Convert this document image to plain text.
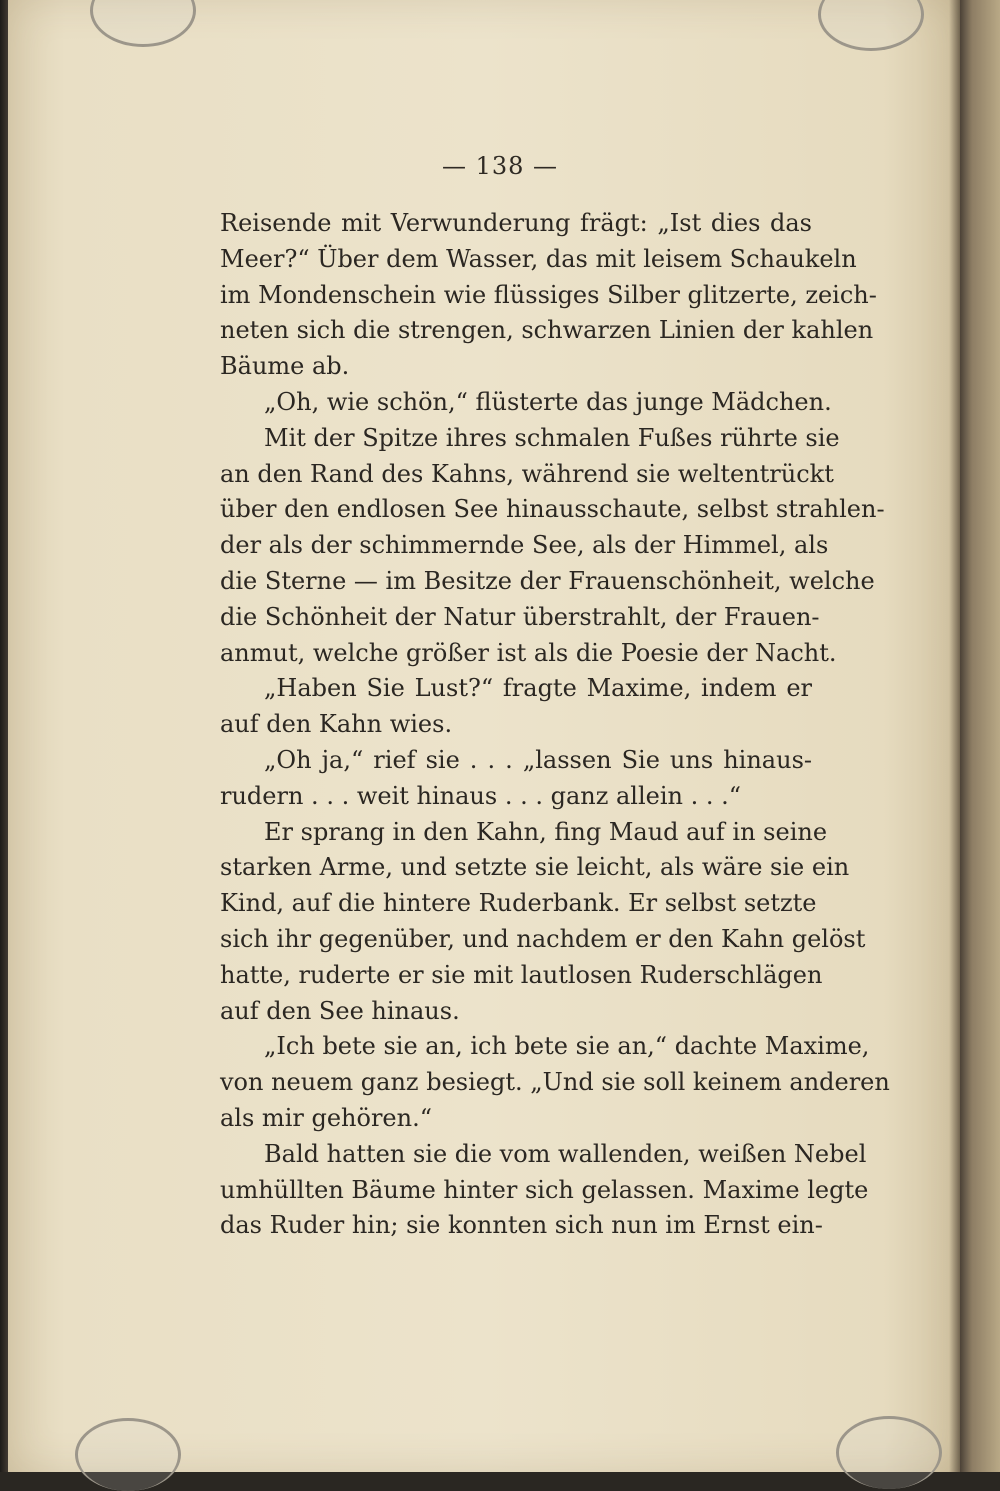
— 138 —
Reisende mit Verwunderung frägt: „Ist dies das
Meer?“ Über dem Wasser, das mit leisem Schaukeln
im Mondenschein wie flüssiges Silber glitzerte, zeich-
neten sich die strengen, schwarzen Linien der kahlen
Bäume ab.
„Oh, wie schön,“ flüsterte das junge Mädchen.
Mit der Spitze ihres schmalen Fußes rührte sie
an den Rand des Kahns, während sie weltentrückt
über den endlosen See hinausschaute, selbst strahlen-
der als der schimmernde See, als der Himmel, als
die Sterne — im Besitze der Frauenschönheit, welche
die Schönheit der Natur überstrahlt, der Frauen-
anmut, welche größer ist als die Poesie der Nacht.
„Haben Sie Lust?“ fragte Maxime, indem er
auf den Kahn wies.
„Oh ja,“ rief sie . . . „lassen Sie uns hinaus-
rudern . . . weit hinaus . . . ganz allein . . .“
Er sprang in den Kahn, fing Maud auf in seine
starken Arme, und setzte sie leicht, als wäre sie ein
Kind, auf die hintere Ruderbank. Er selbst setzte
sich ihr gegenüber, und nachdem er den Kahn gelöst
hatte, ruderte er sie mit lautlosen Ruderschlägen
auf den See hinaus.
„Ich bete sie an, ich bete sie an,“ dachte Maxime,
von neuem ganz besiegt. „Und sie soll keinem anderen
als mir gehören.“
Bald hatten sie die vom wallenden, weißen Nebel
umhüllten Bäume hinter sich gelassen. Maxime legte
das Ruder hin; sie konnten sich nun im Ernst ein-
